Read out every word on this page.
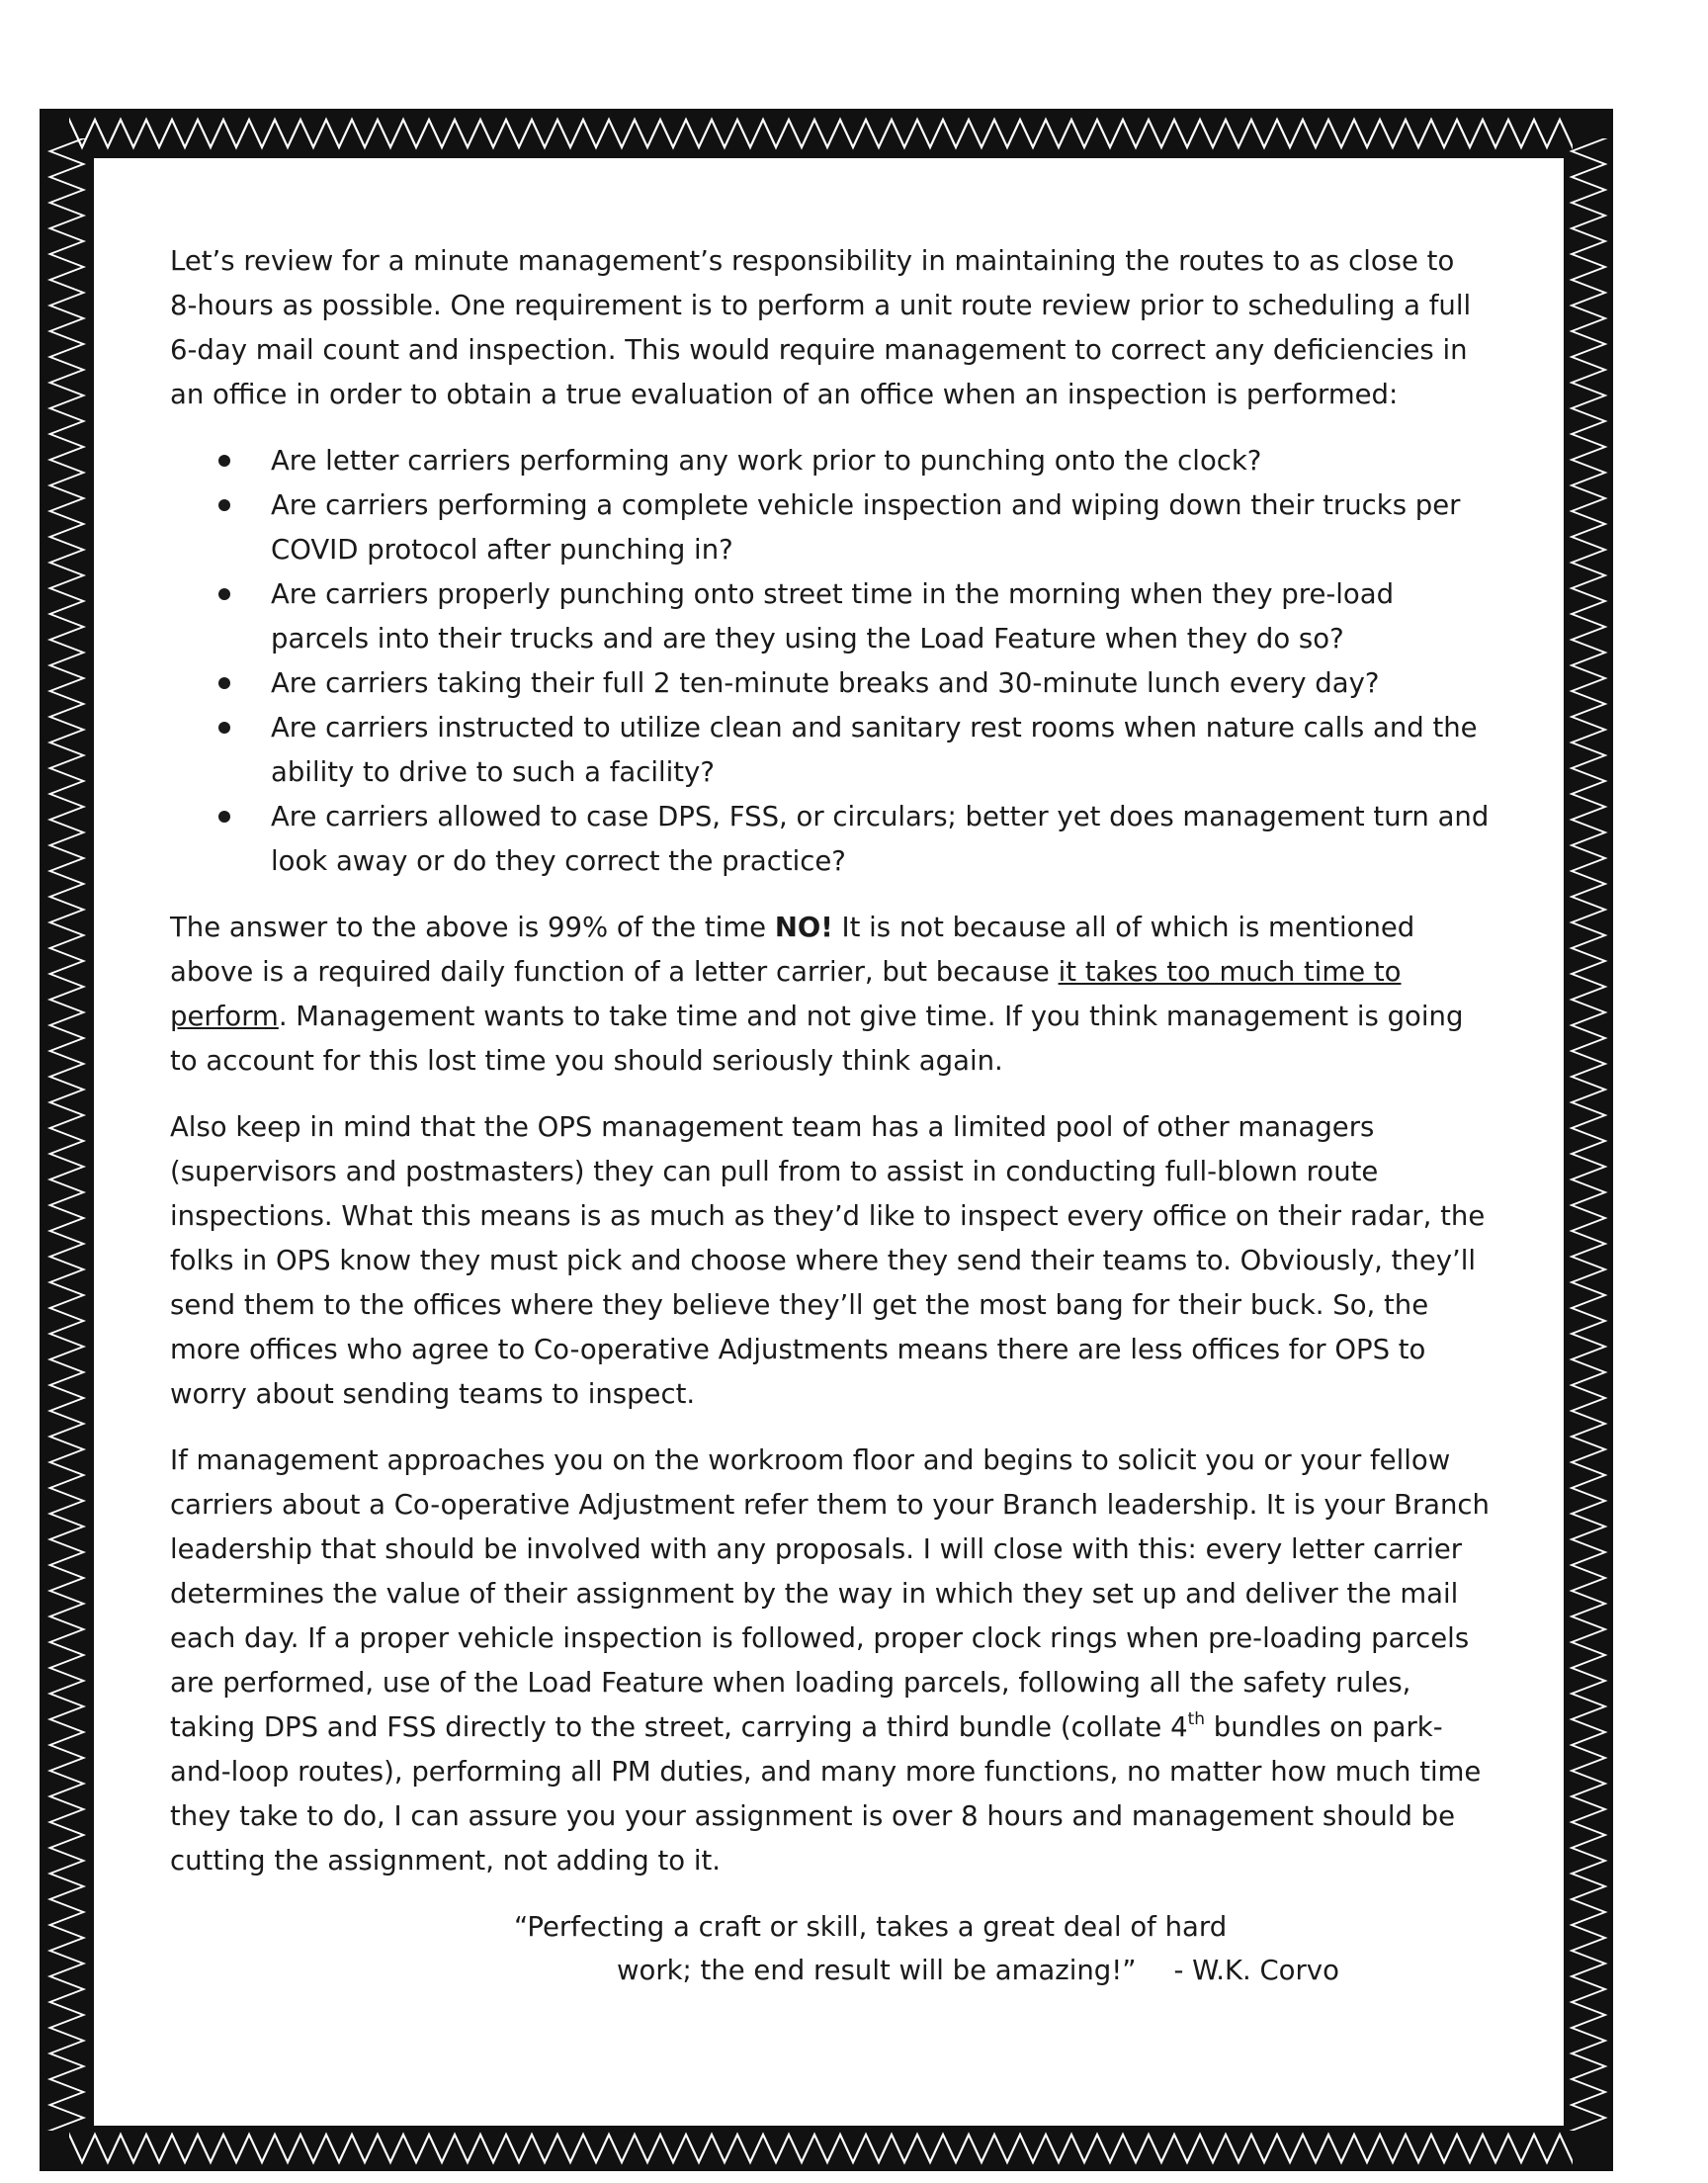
Let’s review for a minute management’s responsibility in maintaining the routes to as close to 8-hours as possible. One requirement is to perform a unit route review prior to scheduling a full 6-day mail count and inspection. This would require management to correct any deficiencies in an office in order to obtain a true evaluation of an office when an inspection is performed:

Are letter carriers performing any work prior to punching onto the clock?
Are carriers performing a complete vehicle inspection and wiping down their trucks per COVID protocol after punching in?
Are carriers properly punching onto street time in the morning when they pre-load parcels into their trucks and are they using the Load Feature when they do so?
Are carriers taking their full 2 ten-minute breaks and 30-minute lunch every day?
Are carriers instructed to utilize clean and sanitary rest rooms when nature calls and the ability to drive to such a facility?
Are carriers allowed to case DPS, FSS, or circulars; better yet does management turn and look away or do they correct the practice?

The answer to the above is 99% of the time NO! It is not because all of which is mentioned above is a required daily function of a letter carrier, but because it takes too much time to perform. Management wants to take time and not give time. If you think management is going to account for this lost time you should seriously think again.

Also keep in mind that the OPS management team has a limited pool of other managers (supervisors and postmasters) they can pull from to assist in conducting full-blown route inspections. What this means is as much as they’d like to inspect every office on their radar, the folks in OPS know they must pick and choose where they send their teams to. Obviously, they’ll send them to the offices where they believe they’ll get the most bang for their buck. So, the more offices who agree to Co-operative Adjustments means there are less offices for OPS to worry about sending teams to inspect.

If management approaches you on the workroom floor and begins to solicit you or your fellow carriers about a Co-operative Adjustment refer them to your Branch leadership. It is your Branch leadership that should be involved with any proposals. I will close with this: every letter carrier determines the value of their assignment by the way in which they set up and deliver the mail each day. If a proper vehicle inspection is followed, proper clock rings when pre-loading parcels are performed, use of the Load Feature when loading parcels, following all the safety rules, taking DPS and FSS directly to the street, carrying a third bundle (collate 4th bundles on park-and-loop routes), performing all PM duties, and many more functions, no matter how much time they take to do, I can assure you your assignment is over 8 hours and management should be cutting the assignment, not adding to it.

“Perfecting a craft or skill, takes a great deal of hard
work; the end result will be amazing!” - W.K. Corvo
